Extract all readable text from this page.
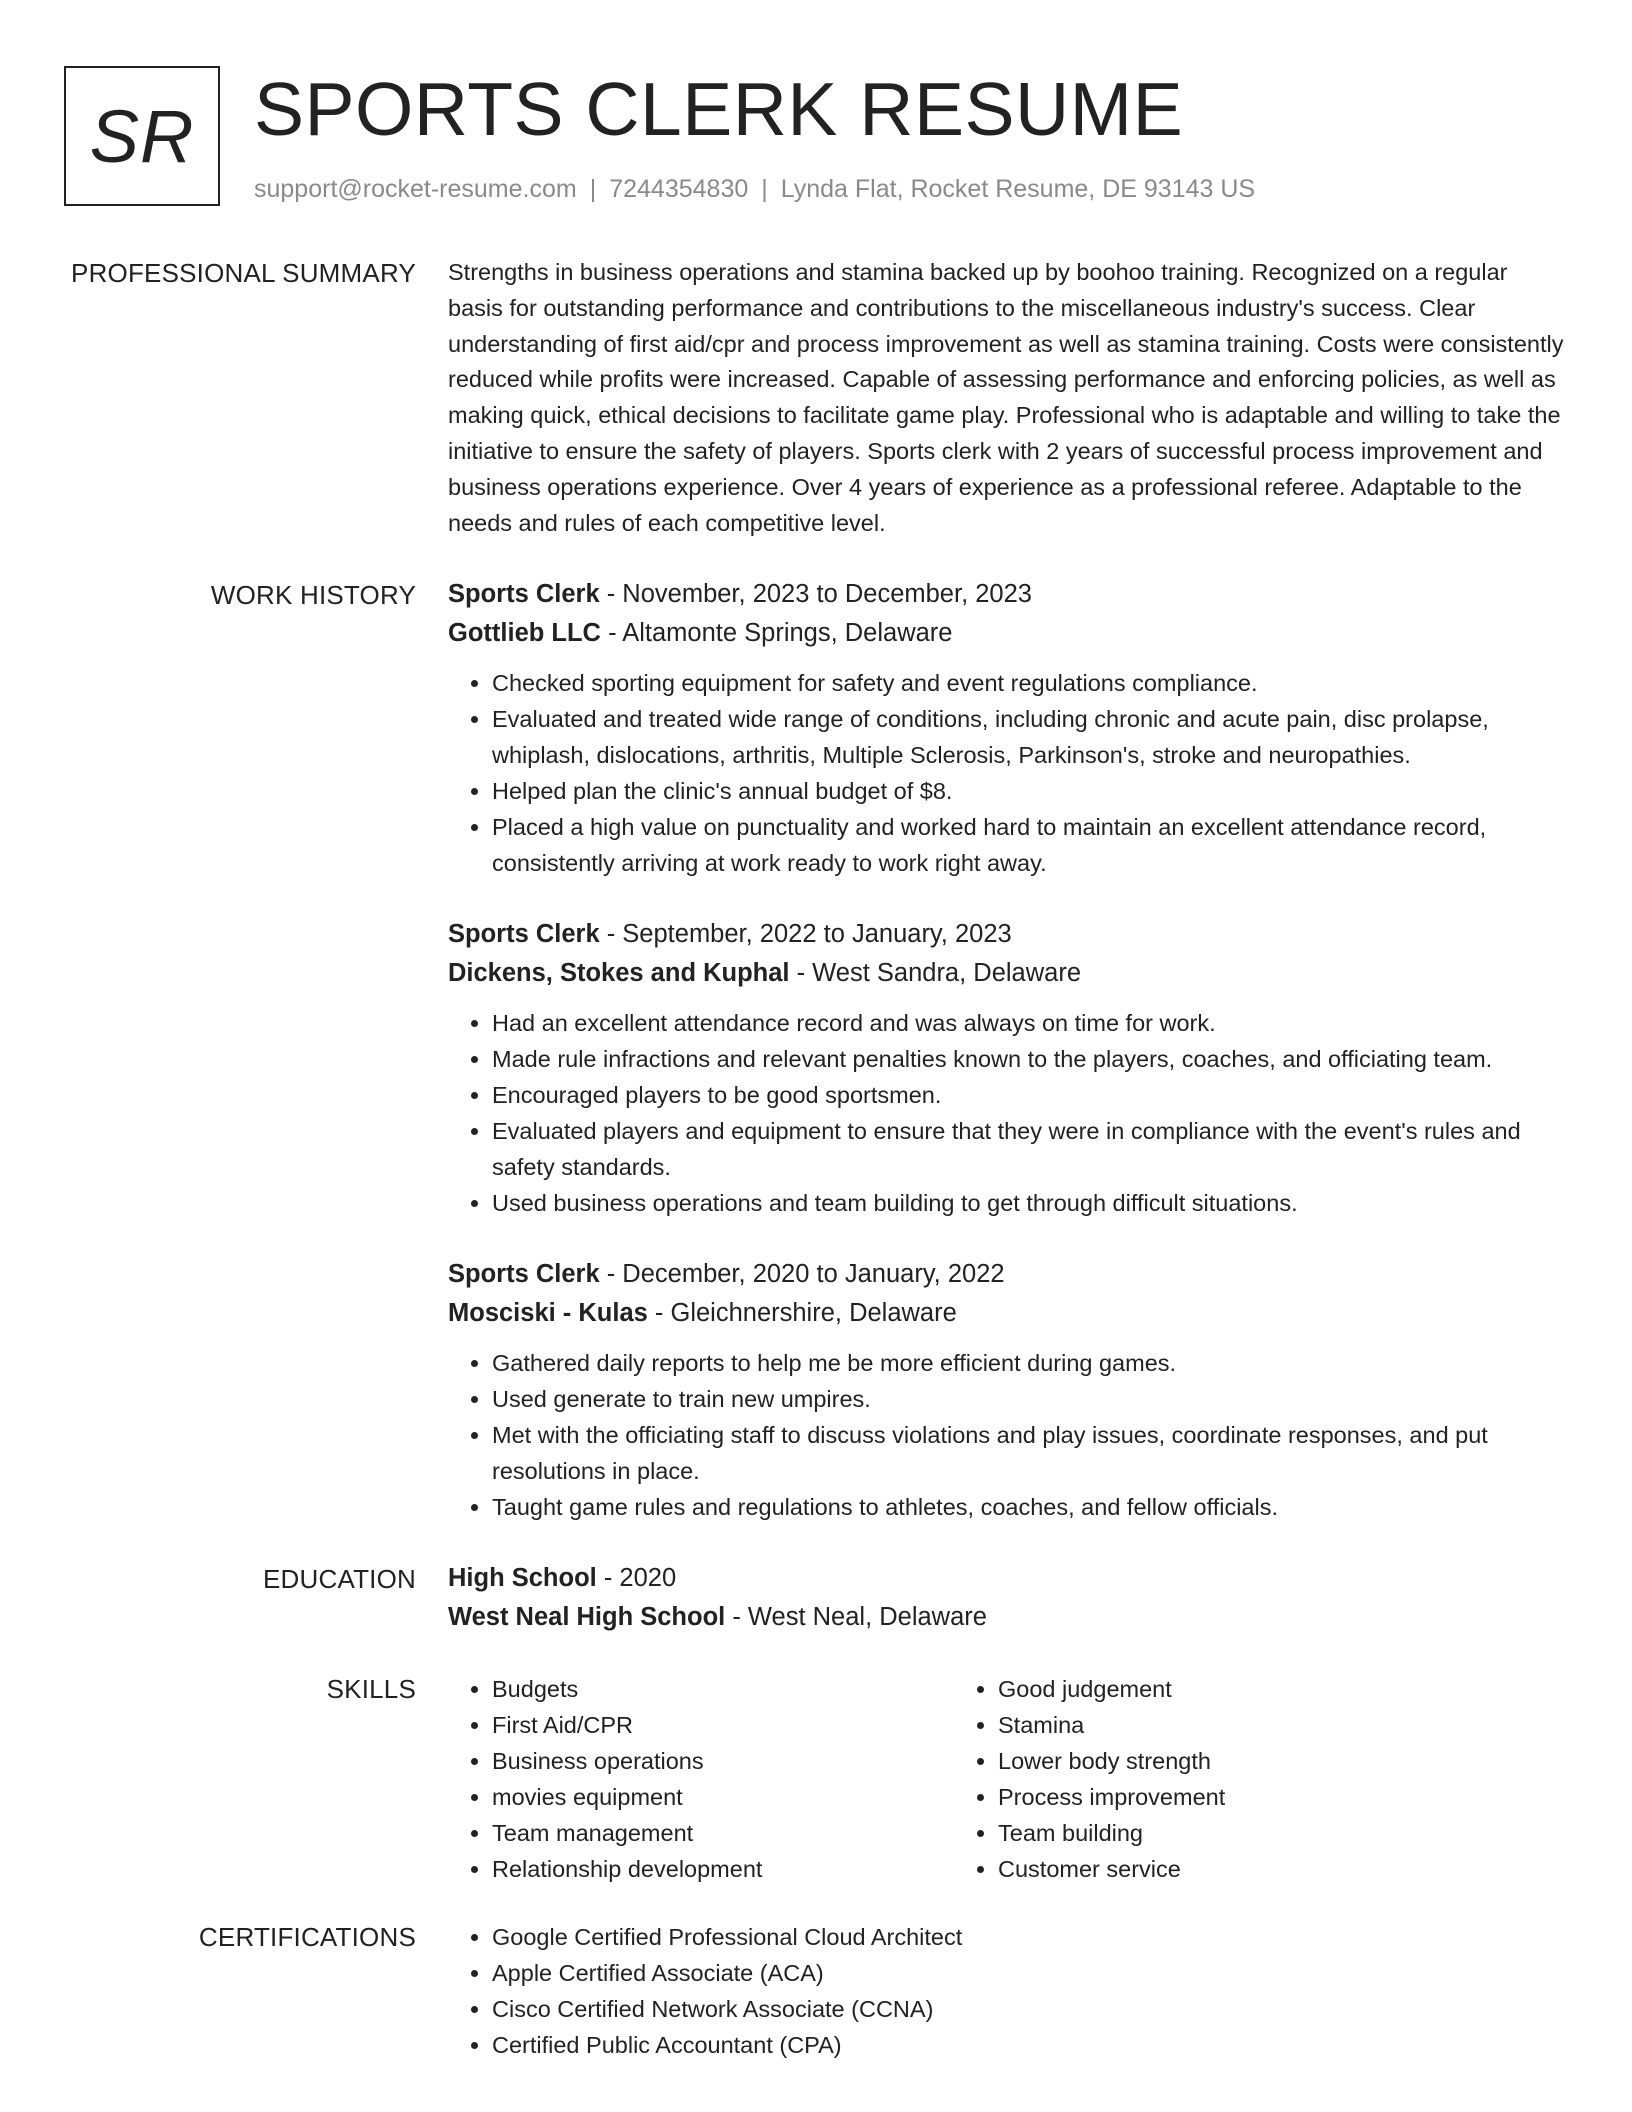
SR SPORTS CLERK RESUME
support@rocket-resume.com | 7244354830 | Lynda Flat, Rocket Resume, DE 93143 US
PROFESSIONAL SUMMARY Strengths in business operations and stamina backed up by boohoo training. Recognized on a regular basis for outstanding performance and contributions to the miscellaneous industry's success. Clear understanding of first aid/cpr and process improvement as well as stamina training. Costs were consistently reduced while profits were increased. Capable of assessing performance and enforcing policies, as well as making quick, ethical decisions to facilitate game play. Professional who is adaptable and willing to take the initiative to ensure the safety of players. Sports clerk with 2 years of successful process improvement and business operations experience. Over 4 years of experience as a professional referee. Adaptable to the needs and rules of each competitive level.

WORK HISTORY Sports Clerk - November, 2023 to December, 2023
Gottlieb LLC - Altamonte Springs, Delaware
• Checked sporting equipment for safety and event regulations compliance.
• Evaluated and treated wide range of conditions, including chronic and acute pain, disc prolapse, whiplash, dislocations, arthritis, Multiple Sclerosis, Parkinson's, stroke and neuropathies.
• Helped plan the clinic's annual budget of $8.
• Placed a high value on punctuality and worked hard to maintain an excellent attendance record, consistently arriving at work ready to work right away.
Sports Clerk - September, 2022 to January, 2023
Dickens, Stokes and Kuphal - West Sandra, Delaware
• Had an excellent attendance record and was always on time for work.
• Made rule infractions and relevant penalties known to the players, coaches, and officiating team.
• Encouraged players to be good sportsmen.
• Evaluated players and equipment to ensure that they were in compliance with the event's rules and safety standards.
• Used business operations and team building to get through difficult situations.
Sports Clerk - December, 2020 to January, 2022
Mosciski - Kulas - Gleichnershire, Delaware
• Gathered daily reports to help me be more efficient during games.
• Used generate to train new umpires.
• Met with the officiating staff to discuss violations and play issues, coordinate responses, and put resolutions in place.
• Taught game rules and regulations to athletes, coaches, and fellow officials.
EDUCATION High School - 2020
West Neal High School - West Neal, Delaware
SKILLS	• Budgets
• First Aid/CPR
• Business operations
• movies equipment
• Team management
• Relationship development
• Good judgement
• Stamina
• Lower body strength
• Process improvement
• Team building
• Customer service
CERTIFICATIONS	• Google Certified Professional Cloud Architect
• Apple Certified Associate (ACA)
• Cisco Certified Network Associate (CCNA)
• Certified Public Accountant (CPA)
